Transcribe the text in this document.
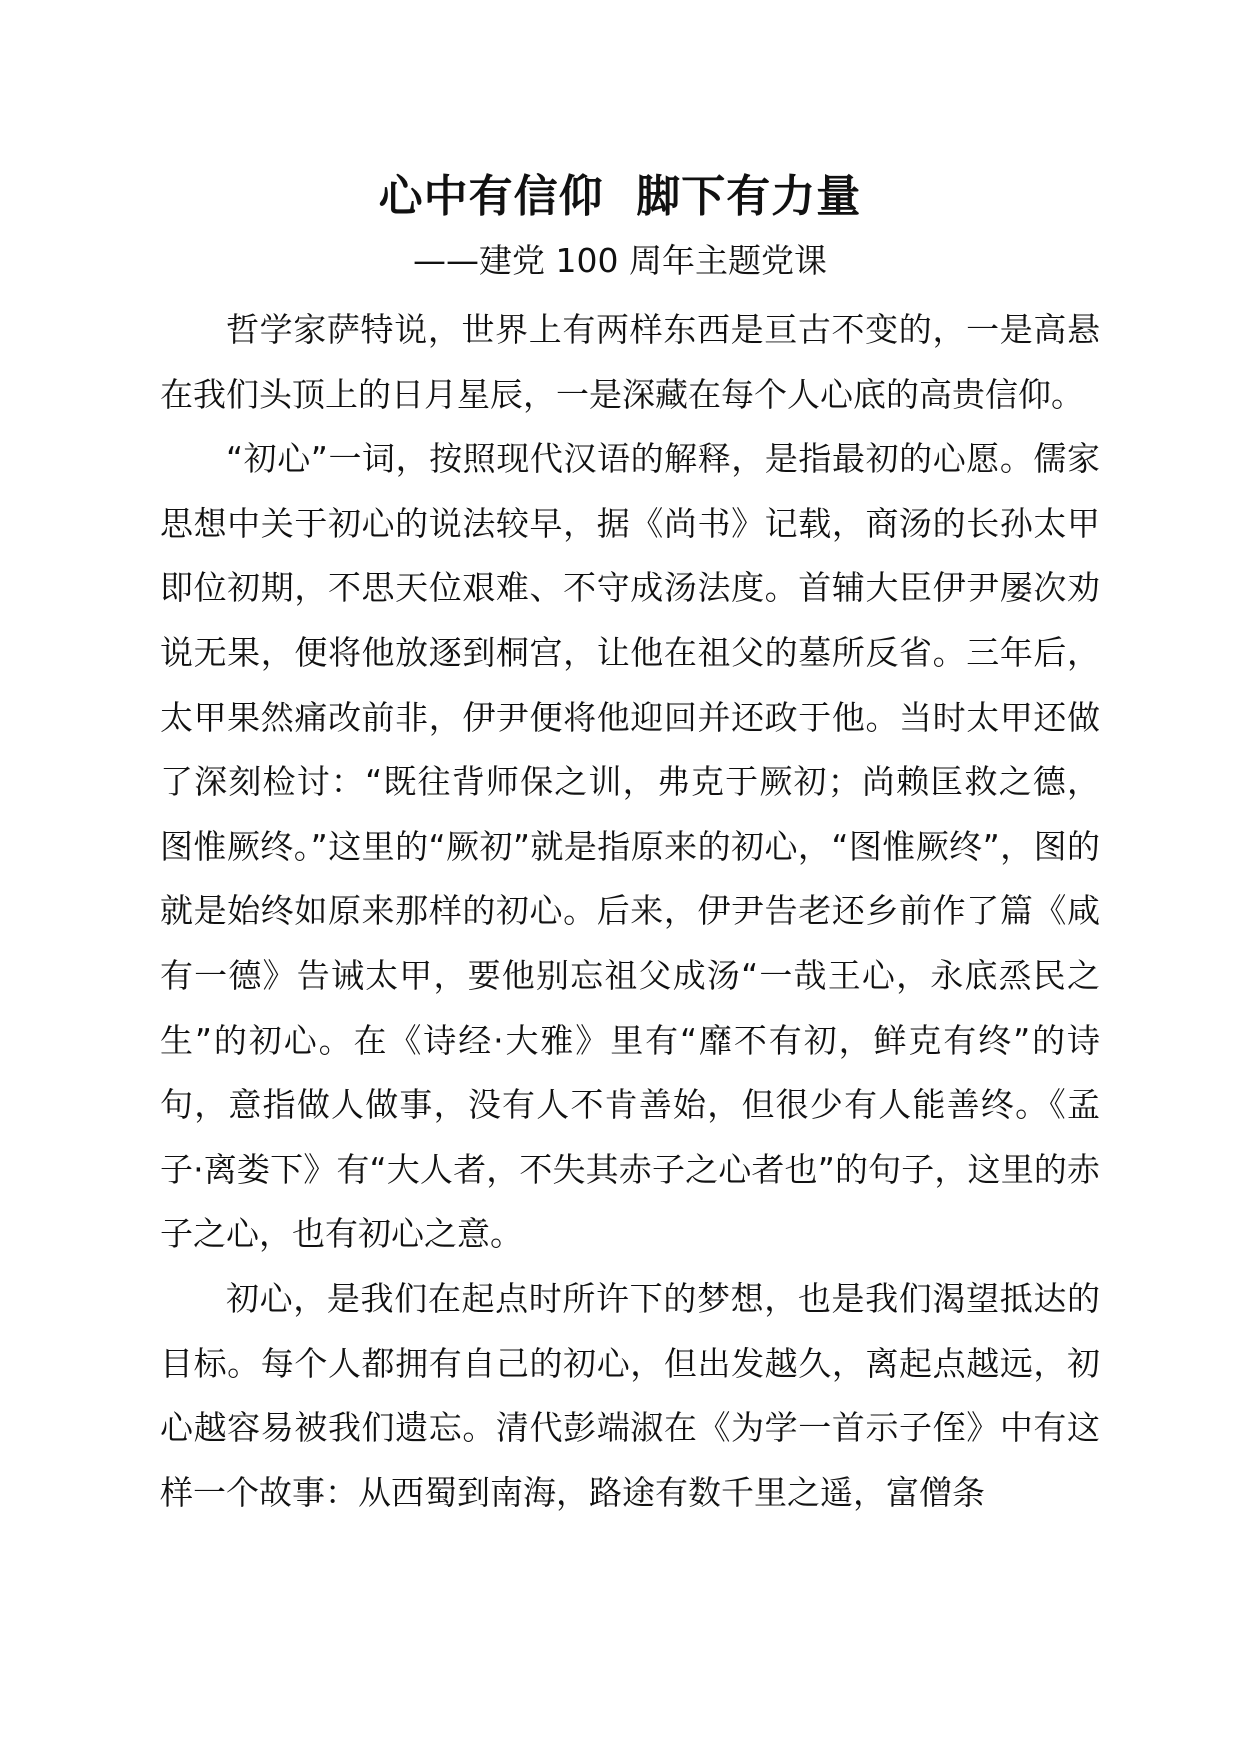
心中有信仰  脚下有力量
——建党 100 周年主题党课

哲学家萨特说，世界上有两样东西是亘古不变的，一是高悬在我们头顶上的日月星辰，一是深藏在每个人心底的高贵信仰。

“初心”一词，按照现代汉语的解释，是指最初的心愿。儒家思想中关于初心的说法较早，据《尚书》记载，商汤的长孙太甲即位初期，不思天位艰难、不守成汤法度。首辅大臣伊尹屡次劝说无果，便将他放逐到桐宫，让他在祖父的墓所反省。三年后，太甲果然痛改前非，伊尹便将他迎回并还政于他。当时太甲还做了深刻检讨：“既往背师保之训，弗克于厥初；尚赖匡救之德，图惟厥终。”这里的“厥初”就是指原来的初心，“图惟厥终”，图的就是始终如原来那样的初心。后来，伊尹告老还乡前作了篇《咸有一德》告诫太甲，要他别忘祖父成汤“一哉王心，永底烝民之生”的初心。在《诗经·大雅》里有“靡不有初，鲜克有终”的诗句，意指做人做事，没有人不肯善始，但很少有人能善终。《孟子·离娄下》有“大人者，不失其赤子之心者也”的句子，这里的赤子之心，也有初心之意。

初心，是我们在起点时所许下的梦想，也是我们渴望抵达的目标。每个人都拥有自己的初心，但出发越久，离起点越远，初心越容易被我们遗忘。清代彭端淑在《为学一首示子侄》中有这样一个故事：从西蜀到南海，路途有数千里之遥，富僧条
